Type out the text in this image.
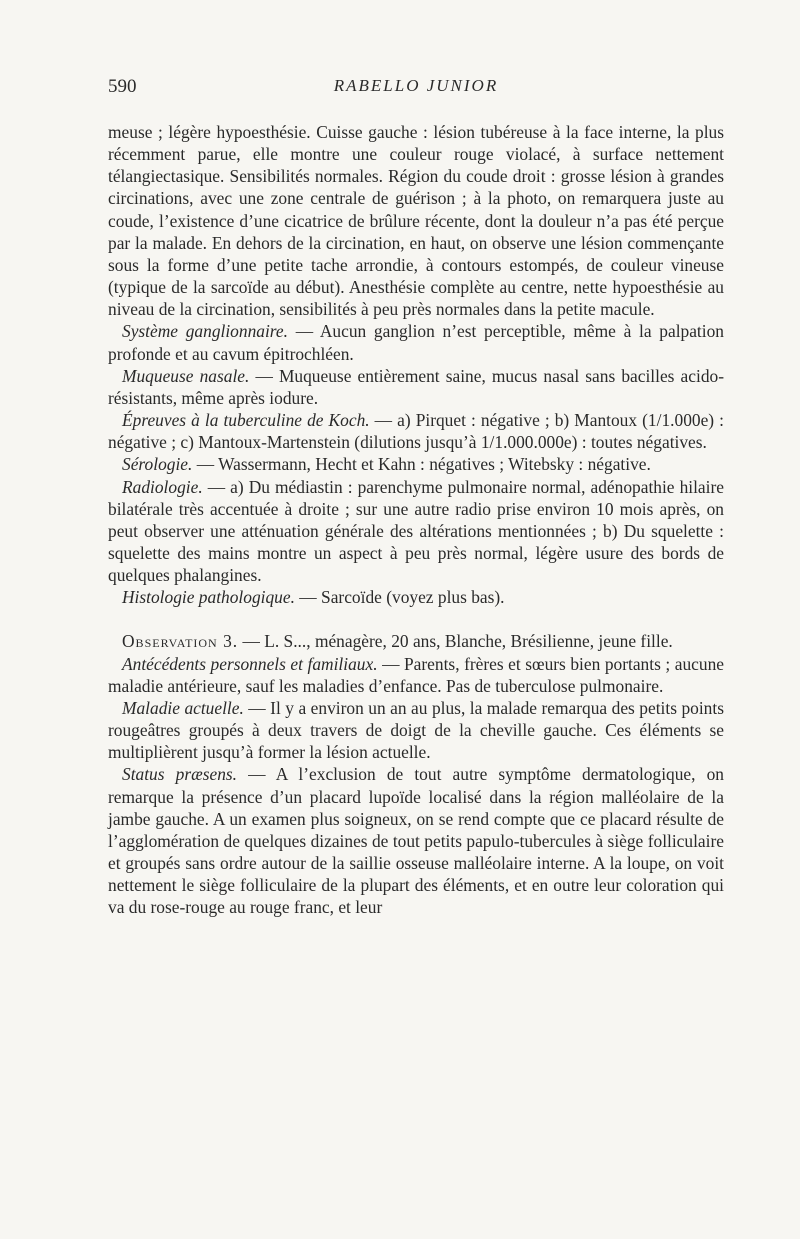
590	RABELLO JUNIOR

meuse ; légère hypoesthésie. Cuisse gauche : lésion tubéreuse à la face interne, la plus récemment parue, elle montre une couleur rouge violacé, à surface nettement télangiectasique. Sensibilités normales. Région du coude droit : grosse lésion à grandes circinations, avec une zone centrale de guérison ; à la photo, on remarquera juste au coude, l’existence d’une cicatrice de brûlure récente, dont la douleur n’a pas été perçue par la malade. En dehors de la circination, en haut, on observe une lésion commençante sous la forme d’une petite tache arrondie, à contours estompés, de couleur vineuse (typique de la sarcoïde au début). Anesthésie complète au centre, nette hypoesthésie au niveau de la circination, sensibilités à peu près normales dans la petite macule.

Système ganglionnaire. — Aucun ganglion n’est perceptible, même à la palpation profonde et au cavum épitrochléen.

Muqueuse nasale. — Muqueuse entièrement saine, mucus nasal sans bacilles acido-résistants, même après iodure.

Épreuves à la tuberculine de Koch. — a) Pirquet : négative ; b) Mantoux (1/1.000e) : négative ; c) Mantoux-Martenstein (dilutions jusqu’à 1/1.000.000e) : toutes négatives.

Sérologie. — Wassermann, Hecht et Kahn : négatives ; Witebsky : négative.

Radiologie. — a) Du médiastin : parenchyme pulmonaire normal, adénopathie hilaire bilatérale très accentuée à droite ; sur une autre radio prise environ 10 mois après, on peut observer une atténuation générale des altérations mentionnées ; b) Du squelette : squelette des mains montre un aspect à peu près normal, légère usure des bords de quelques phalangines.

Histologie pathologique. — Sarcoïde (voyez plus bas).

Observation 3. — L. S..., ménagère, 20 ans, Blanche, Brésilienne, jeune fille.

Antécédents personnels et familiaux. — Parents, frères et sœurs bien portants ; aucune maladie antérieure, sauf les maladies d’enfance. Pas de tuberculose pulmonaire.

Maladie actuelle. — Il y a environ un an au plus, la malade remarqua des petits points rougeâtres groupés à deux travers de doigt de la cheville gauche. Ces éléments se multiplièrent jusqu’à former la lésion actuelle.

Status præsens. — A l’exclusion de tout autre symptôme dermatologique, on remarque la présence d’un placard lupoïde localisé dans la région malléolaire de la jambe gauche. A un examen plus soigneux, on se rend compte que ce placard résulte de l’agglomération de quelques dizaines de tout petits papulo-tubercules à siège folliculaire et groupés sans ordre autour de la saillie osseuse malléolaire interne. A la loupe, on voit nettement le siège folliculaire de la plupart des éléments, et en outre leur coloration qui va du rose-rouge au rouge franc, et leur
